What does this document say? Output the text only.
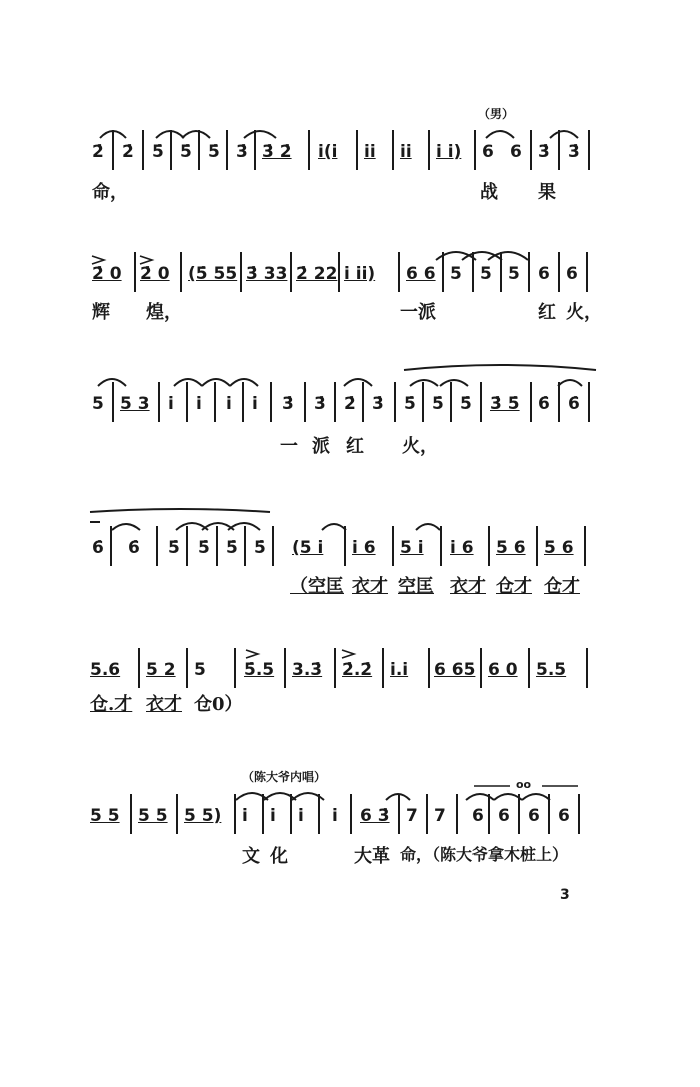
（男）
2̇ 2̇ 5̇ 5̇ 5̇ 3̇ 3̇ 2̇ i(i ii ii i i) 6 6 3̇ 3̇
命，	战 果
2̇ 0 2̇ 0 (5̇ 55 3̇ 33 2̇ 22 i ii) 6 6 5 5 5 6 6
辉 煌，	一派	红 火，
5 5 3 i i i i 3̇ 3̇ 2̇ 3̇ 5̇ 5̇ 5̇ 3̇ 5̇ 6̇ 6̇
一 派 红 火，
6̇ 6̇ 5̇ 5̇ 5̇ 5̇ (5 i i 6 5 i i 6 5 6 5 6
（空匡 衣才 空匡 衣才 仓才 仓才
5.6 5 2 5 5̇.5 3.3̇ 2̇.2̇ i.i 6 65 6 0 5.5
仓.才 衣才 仓0）
（陈大爷内唱）
oo
5 5 5 5 5 5) i i i i 6 3̇ 7 7 6 6 6 6
文 化	大革 命，（陈大爷拿木桩上）
3
